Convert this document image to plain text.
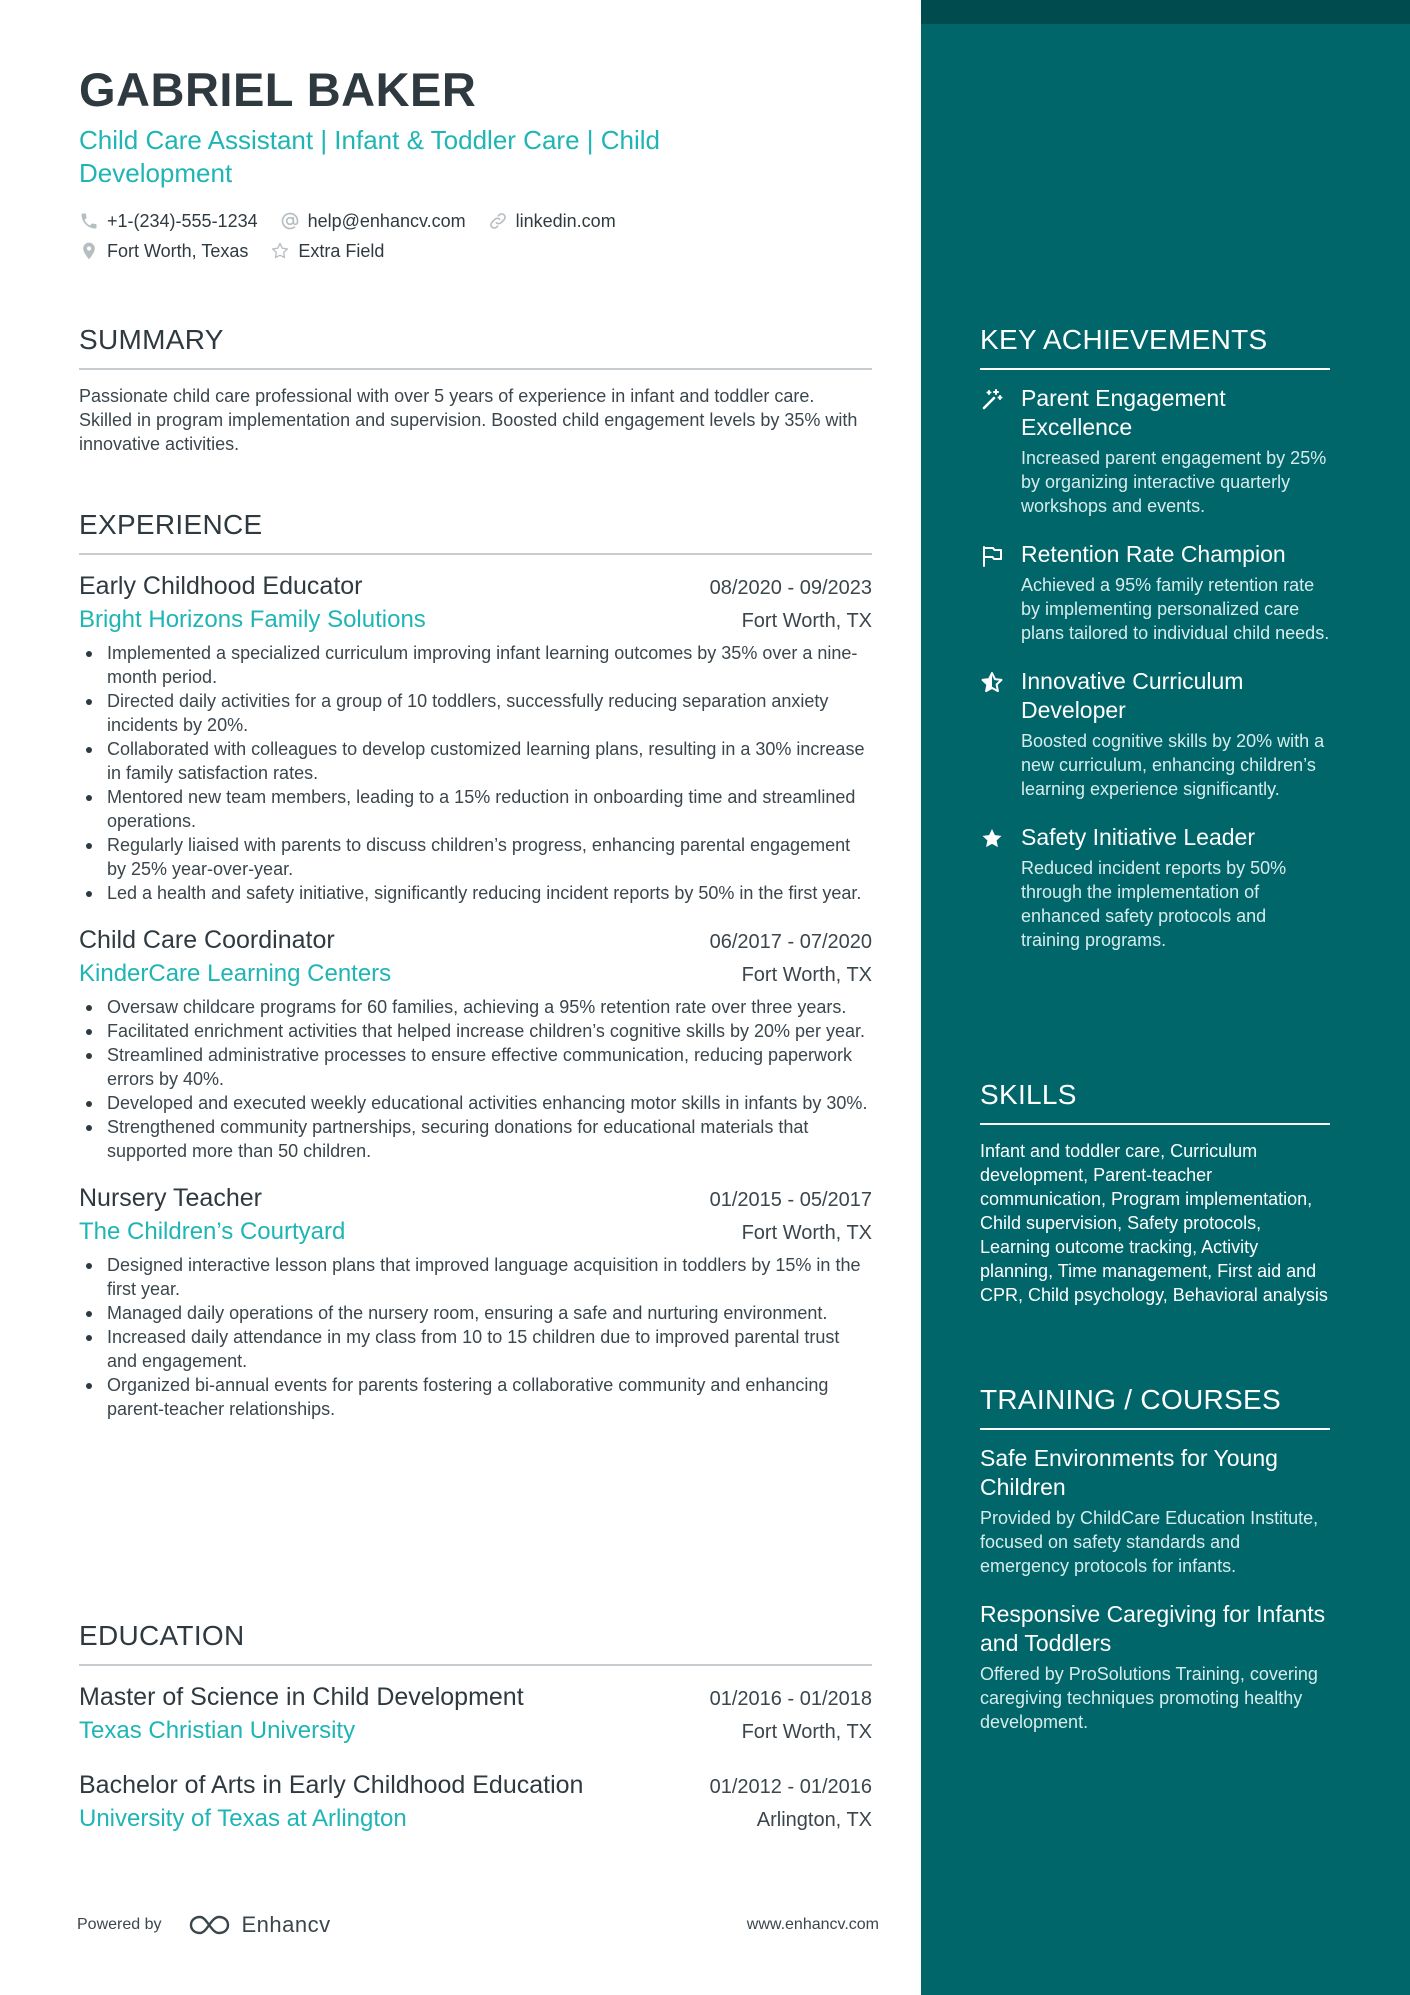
GABRIEL BAKER
Child Care Assistant | Infant & Toddler Care | Child Development
+1-(234)-555-1234	help@enhancv.com	linkedin.com
Fort Worth, Texas	Extra Field
SUMMARY
Passionate child care professional with over 5 years of experience in infant and toddler care. Skilled in program implementation and supervision. Boosted child engagement levels by 35% with innovative activities.
EXPERIENCE
Early Childhood Educator	08/2020 - 09/2023
Bright Horizons Family Solutions	Fort Worth, TX
Implemented a specialized curriculum improving infant learning outcomes by 35% over a nine-month period.
Directed daily activities for a group of 10 toddlers, successfully reducing separation anxiety incidents by 20%.
Collaborated with colleagues to develop customized learning plans, resulting in a 30% increase in family satisfaction rates.
Mentored new team members, leading to a 15% reduction in onboarding time and streamlined operations.
Regularly liaised with parents to discuss children’s progress, enhancing parental engagement by 25% year-over-year.
Led a health and safety initiative, significantly reducing incident reports by 50% in the first year.
Child Care Coordinator	06/2017 - 07/2020
KinderCare Learning Centers	Fort Worth, TX
Oversaw childcare programs for 60 families, achieving a 95% retention rate over three years.
Facilitated enrichment activities that helped increase children’s cognitive skills by 20% per year.
Streamlined administrative processes to ensure effective communication, reducing paperwork errors by 40%.
Developed and executed weekly educational activities enhancing motor skills in infants by 30%.
Strengthened community partnerships, securing donations for educational materials that supported more than 50 children.
Nursery Teacher	01/2015 - 05/2017
The Children’s Courtyard	Fort Worth, TX
Designed interactive lesson plans that improved language acquisition in toddlers by 15% in the first year.
Managed daily operations of the nursery room, ensuring a safe and nurturing environment.
Increased daily attendance in my class from 10 to 15 children due to improved parental trust and engagement.
Organized bi-annual events for parents fostering a collaborative community and enhancing parent-teacher relationships.
EDUCATION
Master of Science in Child Development	01/2016 - 01/2018
Texas Christian University	Fort Worth, TX
Bachelor of Arts in Early Childhood Education	01/2012 - 01/2016
University of Texas at Arlington	Arlington, TX
Powered by	Enhancv	www.enhancv.com
KEY ACHIEVEMENTS
Parent Engagement Excellence
Increased parent engagement by 25% by organizing interactive quarterly workshops and events.
Retention Rate Champion
Achieved a 95% family retention rate by implementing personalized care plans tailored to individual child needs.
Innovative Curriculum Developer
Boosted cognitive skills by 20% with a new curriculum, enhancing children’s learning experience significantly.
Safety Initiative Leader
Reduced incident reports by 50% through the implementation of enhanced safety protocols and training programs.
SKILLS
Infant and toddler care, Curriculum development, Parent-teacher communication, Program implementation, Child supervision, Safety protocols, Learning outcome tracking, Activity planning, Time management, First aid and CPR, Child psychology, Behavioral analysis
TRAINING / COURSES
Safe Environments for Young Children
Provided by ChildCare Education Institute, focused on safety standards and emergency protocols for infants.
Responsive Caregiving for Infants and Toddlers
Offered by ProSolutions Training, covering caregiving techniques promoting healthy development.
